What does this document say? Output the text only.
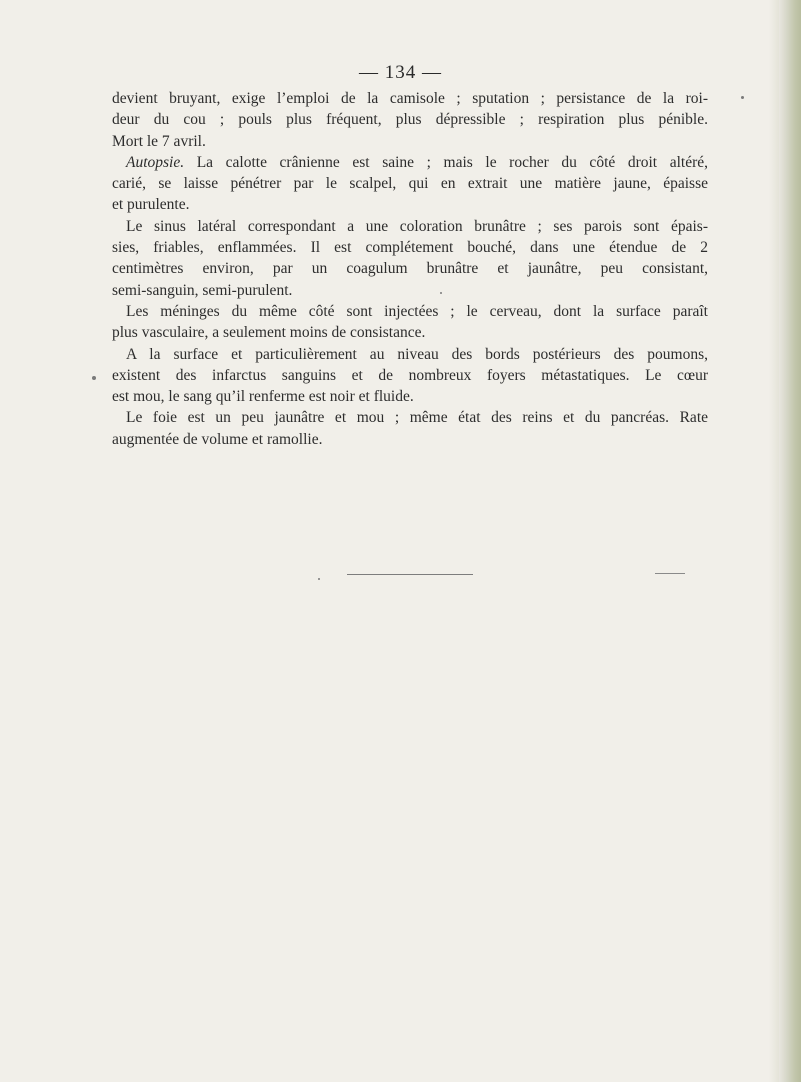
— 134 —
devient bruyant, exige l’emploi de la camisole ; sputation ; persistance de la roi-
deur du cou ; pouls plus fréquent, plus dépressible ; respiration plus pénible.
Mort le 7 avril.
Autopsie. La calotte crânienne est saine ; mais le rocher du côté droit altéré,
carié, se laisse pénétrer par le scalpel, qui en extrait une matière jaune, épaisse
et purulente.
Le sinus latéral correspondant a une coloration brunâtre ; ses parois sont épais-
sies, friables, enflammées. Il est complétement bouché, dans une étendue de 2
centimètres environ, par un coagulum brunâtre et jaunâtre, peu consistant,
semi-sanguin, semi-purulent.
Les méninges du même côté sont injectées ; le cerveau, dont la surface paraît
plus vasculaire, a seulement moins de consistance.
A la surface et particulièrement au niveau des bords postérieurs des poumons,
existent des infarctus sanguins et de nombreux foyers métastatiques. Le cœur
est mou, le sang qu’il renferme est noir et fluide.
Le foie est un peu jaunâtre et mou ; même état des reins et du pancréas. Rate
augmentée de volume et ramollie.
